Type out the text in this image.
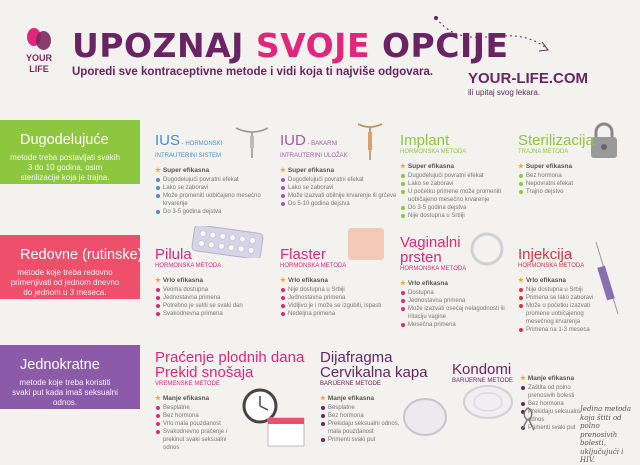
YOUR
LIFE
UPOZNAJ SVOJE OPCIJE
Uporedi sve kontraceptivne metode i vidi koja ti najviše odgovara. YOUR-LIFE.COM
ili upitaj svog lekara.
Dugodelujuće

metode treba postavljati svakih 3 do 10 godina, osim sterilizacije koja je trajna.

Redovne (rutinske)

metode koje treba redovno primenjivati od jednom dnevno do jednom u 3 meseca.

Jednokratne

metode koje treba koristiti svaki put kada imaš seksualni odnos.

IUS - HORMONSKI
INTRAUTERINI SISTEM
★ Super efikasna
Dugodelujući povratni efekat
Lako se zaboravi
Može promeniti uobičajeno mesečno krvarenje
Do 3-5 godina dejstva
IUD - BAKARNI
INTRAUTERINI ULOŽAK
★ Super efikasna
Dugodelujući povratni efekat
Lako se zaboravi
Može izazvati obilnije krvarenje ili grčeve
Do 5-10 godina dejstva
Implant
HORMONSKA METODA
★ Super efikasna
Dugodelujući povratni efekat
Lako se zaboravi
U početku primene može promeniti uobičajeno mesečno krvarenje
Do 3-5 godina dejstva
Nije dostupna u Srbiji
Sterilizacija
TRAJNA METODA
★ Super efikasna
Bez hormona
Nepovratni efekat
Trajno dejstvo
Pilula
HORMONSKA METODA
★ Vrlo efikasna
Veoma dostupna
Jednostavna primena
Potrebno je setiti se svaki dan
Svakodnevna primena
Flaster
HORMONSKA METODA
★ Vrlo efikasna
Nije dostupna u Srbiji
Jednostavna primena
Vidljivo je i može se izgubiti, ispasti
Nedeljna primena
Vaginalni prsten
HORMONSKA METODA
★ Vrlo efikasna
Dostupna
Jednostavna primena
Može izazvati osećaj nelagodnosti ili iritaciju vagine
Mesečna primena
Injekcija
HORMONSKA METODA
★ Vrlo efikasna
Nije dostupna u Srbiji
Primena se lako zaboravi
Može u početku izazvati promene uobičajenog mesečnog krvarenja
Primena na 1-3 meseca
Praćenje plodnih dana
Prekid snošaja
VREMENSKE METODE
★ Manje efikasna
Besplatne
Bez hormona
Vrlo mala pouzdanost
Svakodnevno praćenje / prekinut svaki seksualni odnos
Dijafragma
Cervikalna kapa
BARIJERNE METODE
★ Manje efikasna
Besplatne
Bez hormona
Prekidaju seksualni odnos, mala pouzdanost
Primenti svaki put
Kondomi
BARIJERNE METODE	★ Manje efikasna
Zaštita od polno prenosivih bolesti
Bez hormona
Prekidaju seksualni odnos
Primenti svaki put
Jedina metoda koja štiti od polno prenosivih bolesti, uključujući i HIV.
